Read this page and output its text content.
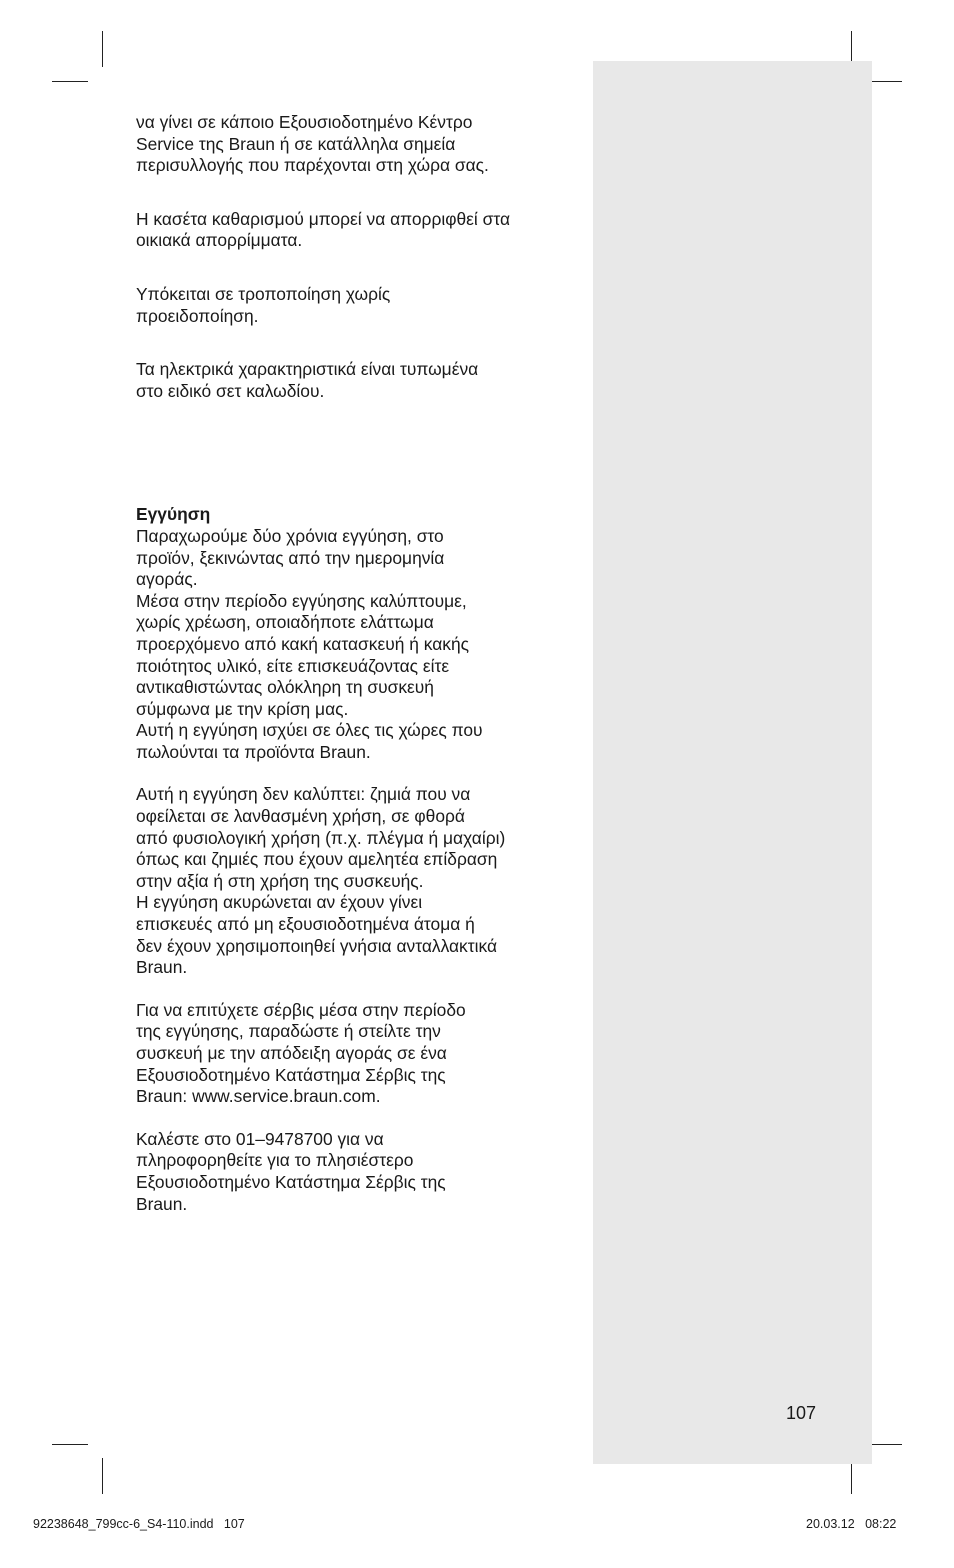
να γίνει σε κάποιο Εξουσιοδοτημένο Κέντρο
Service της Braun ή σε κατάλληλα σημεία
περισυλλογής που παρέχονται στη χώρα σας.

Η κασέτα καθαρισμού μπορεί να απορριφθεί στα
οικιακά απορρίμματα.

Υπόκειται σε τροποποίηση χωρίς
προειδοποίηση.

Τα ηλεκτρικά χαρακτηριστικά είναι τυπωμένα
στο ειδικό σετ καλωδίου.

Εγγύηση

Παραχωρούμε δύο χρόνια εγγύηση, στο
προϊόν, ξεκινώντας από την ημερομηνία
αγοράς.
Μέσα στην περίοδο εγγύησης καλύπτουμε,
χωρίς χρέωση, οποιαδήποτε ελάττωμα
προερχόμενο από κακή κατασκευή ή κακής
ποιότητος υλικό, είτε επισκευάζοντας είτε
αντικαθιστώντας ολόκληρη τη συσκευή
σύμφωνα με την κρίση μας.
Αυτή η εγγύηση ισχύει σε όλες τις χώρες που
πωλούνται τα προϊόντα Braun.

Αυτή η εγγύηση δεν καλύπτει: ζημιά που να
οφείλεται σε λανθασμένη χρήση, σε φθορά
από φυσιολογική χρήση (π.χ. πλέγμα ή μαχαίρι)
όπως και ζημιές που έχουν αμελητέα επίδραση
στην αξία ή στη χρήση της συσκευής.
Η εγγύηση ακυρώνεται αν έχουν γίνει
επισκευές από μη εξουσιοδοτημένα άτομα ή
δεν έχουν χρησιμοποιηθεί γνήσια ανταλλακτικά
Braun.

Για να επιτύχετε σέρβις μέσα στην περίοδο
της εγγύησης, παραδώστε ή στείλτε την
συσκευή με την απόδειξη αγοράς σε ένα
Εξουσιοδοτημένο Κατάστημα Σέρβις της
Braun: www.service.braun.com.

Καλέστε στο 01–9478700 για να
πληροφορηθείτε για το πλησιέστερο
Εξουσιοδοτημένο Κατάστημα Σέρβις της
Braun.

107
92238648_799cc-6_S4-110.indd   107	20.03.12   08:22
